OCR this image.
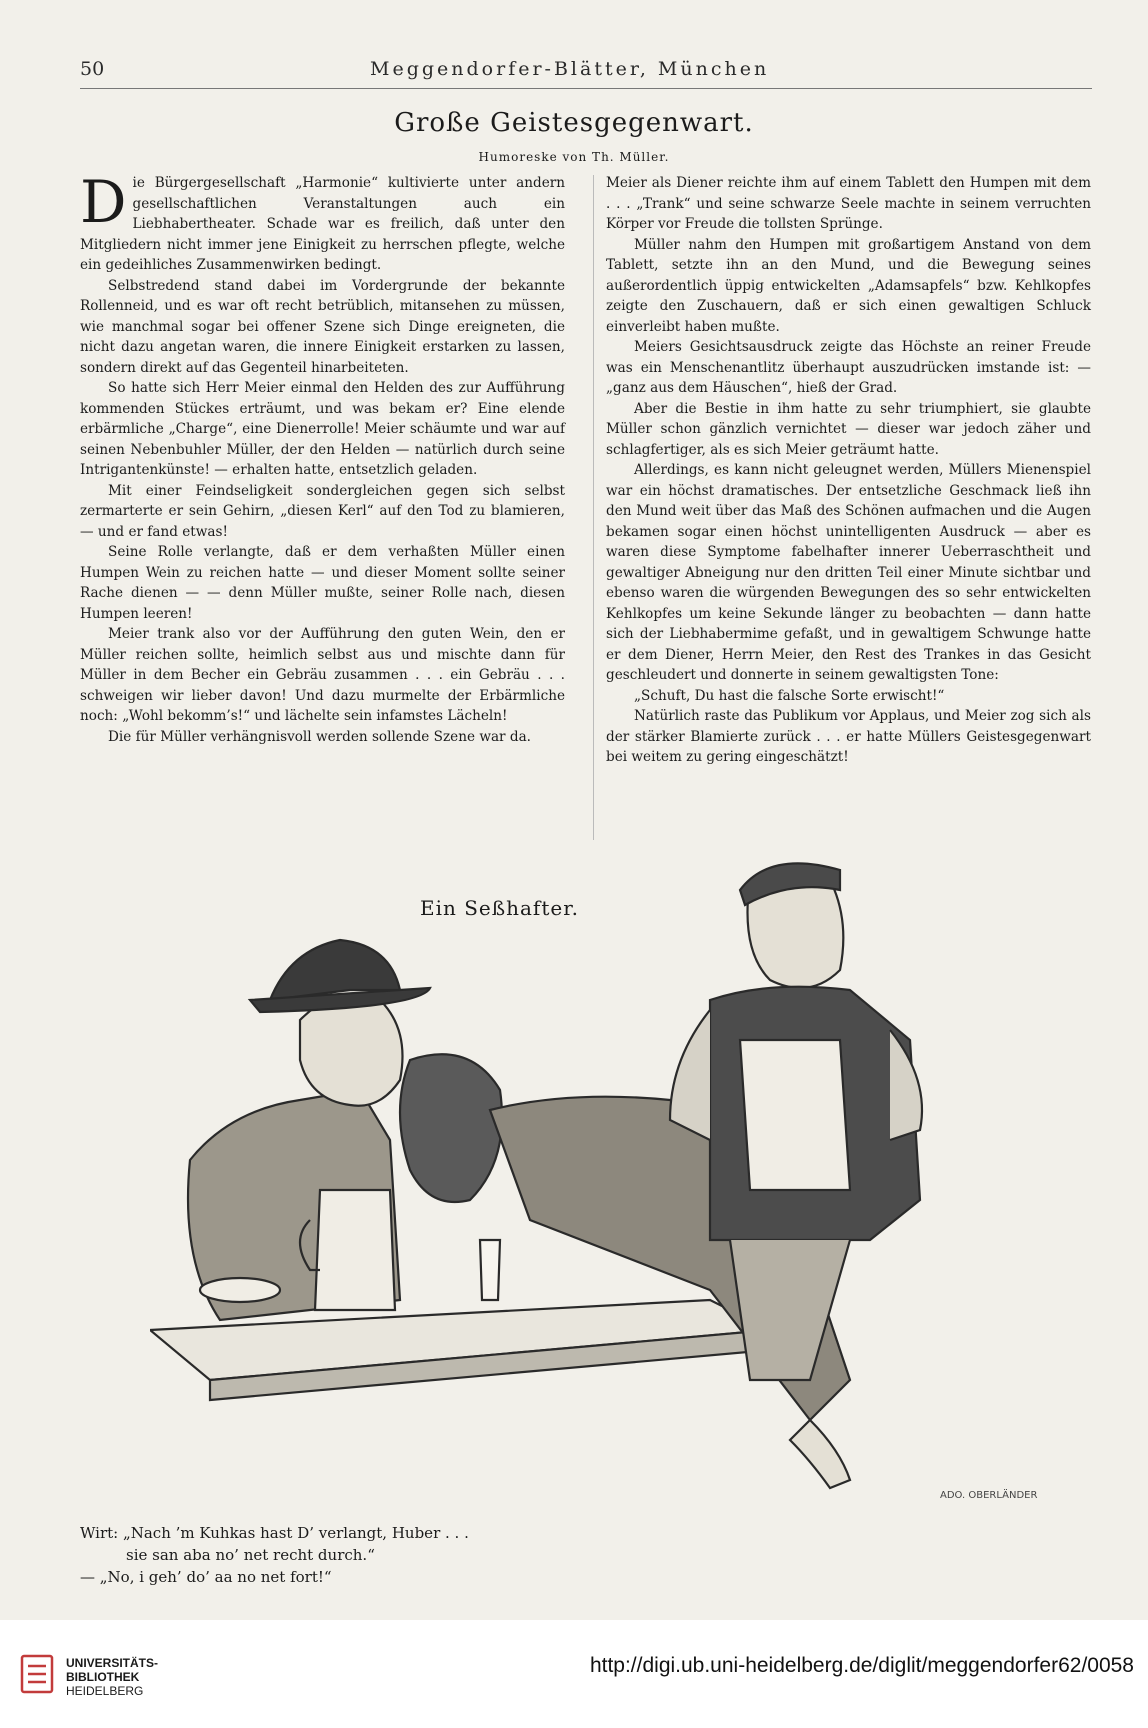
50	Meggendorfer-Blätter, München
Große Geistesgegenwart.
Humoreske von Th. Müller.

Die Bürgergesellschaft „Harmonie“ kultivierte unter andern gesellschaftlichen Veranstaltungen auch ein Liebhabertheater. Schade war es freilich, daß unter den Mitgliedern nicht immer jene Einigkeit zu herrschen pflegte, welche ein gedeihliches Zusammenwirken bedingt.

Selbstredend stand dabei im Vordergrunde der bekannte Rollenneid, und es war oft recht betrüblich, mitansehen zu müssen, wie manchmal sogar bei offener Szene sich Dinge ereigneten, die nicht dazu angetan waren, die innere Einigkeit erstarken zu lassen, sondern direkt auf das Gegenteil hinarbeiteten.

So hatte sich Herr Meier einmal den Helden des zur Aufführung kommenden Stückes erträumt, und was bekam er? Eine elende erbärmliche „Charge“, eine Dienerrolle! Meier schäumte und war auf seinen Nebenbuhler Müller, der den Helden — natürlich durch seine Intrigantenkünste! — erhalten hatte, entsetzlich geladen.

Mit einer Feindseligkeit sondergleichen gegen sich selbst zermarterte er sein Gehirn, „diesen Kerl“ auf den Tod zu blamieren, — und er fand etwas!

Seine Rolle verlangte, daß er dem verhaßten Müller einen Humpen Wein zu reichen hatte — und dieser Moment sollte seiner Rache dienen — — denn Müller mußte, seiner Rolle nach, diesen Humpen leeren!

Meier trank also vor der Aufführung den guten Wein, den er Müller reichen sollte, heimlich selbst aus und mischte dann für Müller in dem Becher ein Gebräu zusammen . . . ein Gebräu . . . schweigen wir lieber davon! Und dazu murmelte der Erbärmliche noch: „Wohl bekomm’s!“ und lächelte sein infamstes Lächeln!

Die für Müller verhängnisvoll werden sollende Szene war da.

Meier als Diener reichte ihm auf einem Tablett den Humpen mit dem . . . „Trank“ und seine schwarze Seele machte in seinem verruchten Körper vor Freude die tollsten Sprünge.

Müller nahm den Humpen mit großartigem Anstand von dem Tablett, setzte ihn an den Mund, und die Bewegung seines außerordentlich üppig entwickelten „Adamsapfels“ bzw. Kehlkopfes zeigte den Zuschauern, daß er sich einen gewaltigen Schluck einverleibt haben mußte.

Meiers Gesichtsausdruck zeigte das Höchste an reiner Freude was ein Menschenantlitz überhaupt auszudrücken imstande ist: — „ganz aus dem Häuschen“, hieß der Grad.

Aber die Bestie in ihm hatte zu sehr triumphiert, sie glaubte Müller schon gänzlich vernichtet — dieser war jedoch zäher und schlagfertiger, als es sich Meier geträumt hatte.

Allerdings, es kann nicht geleugnet werden, Müllers Mienenspiel war ein höchst dramatisches. Der entsetzliche Geschmack ließ ihn den Mund weit über das Maß des Schönen aufmachen und die Augen bekamen sogar einen höchst unintelligenten Ausdruck — aber es waren diese Symptome fabelhafter innerer Ueberraschtheit und gewaltiger Abneigung nur den dritten Teil einer Minute sichtbar und ebenso waren die würgenden Bewegungen des so sehr entwickelten Kehlkopfes um keine Sekunde länger zu beobachten — dann hatte sich der Liebhabermime gefaßt, und in gewaltigem Schwunge hatte er dem Diener, Herrn Meier, den Rest des Trankes in das Gesicht geschleudert und donnerte in seinem gewaltigsten Tone:

„Schuft, Du hast die falsche Sorte erwischt!“

Natürlich raste das Publikum vor Applaus, und Meier zog sich als der stärker Blamierte zurück . . . er hatte Müllers Geistesgegenwart bei weitem zu gering eingeschätzt!

ADO. OBERLÄNDER
Ein Seßhafter.
Wirt: „Nach ’m Kuhkas hast D’ verlangt, Huber . . .
sie san aba no’ net recht durch.“
— „No, i geh’ do’ aa no net fort!“
UNIVERSITÄTS-
BIBLIOTHEK
HEIDELBERG
http://digi.ub.uni-heidelberg.de/diglit/meggendorfer62/0058
